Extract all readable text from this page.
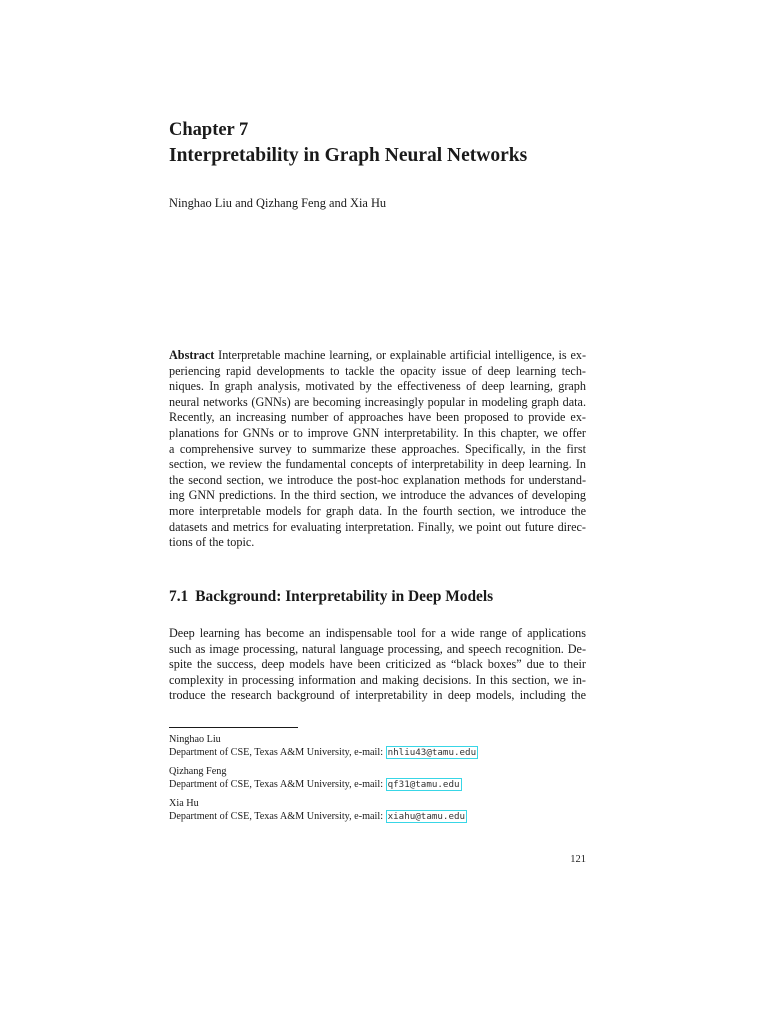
Chapter 7
Interpretability in Graph Neural Networks
Ninghao Liu and Qizhang Feng and Xia Hu
Abstract Interpretable machine learning, or explainable artificial intelligence, is ex-
periencing rapid developments to tackle the opacity issue of deep learning tech-
niques. In graph analysis, motivated by the effectiveness of deep learning, graph
neural networks (GNNs) are becoming increasingly popular in modeling graph data.
Recently, an increasing number of approaches have been proposed to provide ex-
planations for GNNs or to improve GNN interpretability. In this chapter, we offer
a comprehensive survey to summarize these approaches. Specifically, in the first
section, we review the fundamental concepts of interpretability in deep learning. In
the second section, we introduce the post-hoc explanation methods for understand-
ing GNN predictions. In the third section, we introduce the advances of developing
more interpretable models for graph data. In the fourth section, we introduce the
datasets and metrics for evaluating interpretation. Finally, we point out future direc-
tions of the topic.
7.1 Background: Interpretability in Deep Models
Deep learning has become an indispensable tool for a wide range of applications
such as image processing, natural language processing, and speech recognition. De-
spite the success, deep models have been criticized as “black boxes” due to their
complexity in processing information and making decisions. In this section, we in-
troduce the research background of interpretability in deep models, including the
Ninghao Liu
Department of CSE, Texas A&M University, e-mail: nhliu43@tamu.edu
Qizhang Feng
Department of CSE, Texas A&M University, e-mail: qf31@tamu.edu
Xia Hu
Department of CSE, Texas A&M University, e-mail: xiahu@tamu.edu
121
